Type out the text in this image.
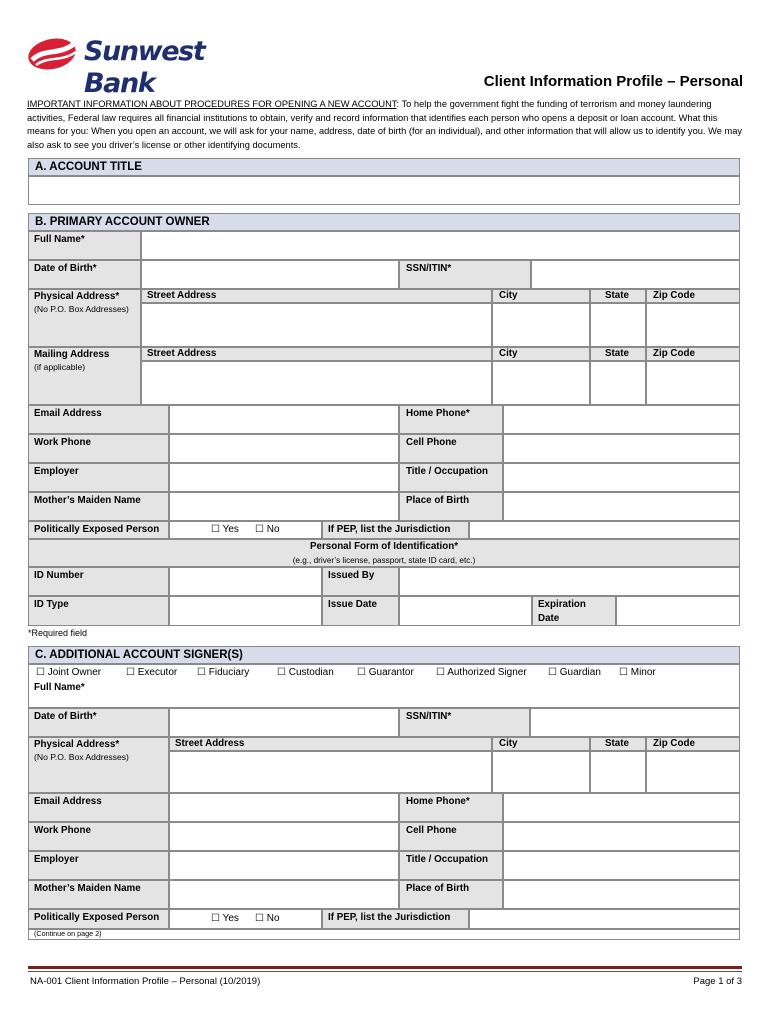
Sunwest Bank	Client Information Profile – Personal
IMPORTANT INFORMATION ABOUT PROCEDURES FOR OPENING A NEW ACCOUNT: To help the government fight the funding of terrorism and money laundering activities, Federal law requires all financial institutions to obtain, verify and record information that identifies each person who opens a deposit or loan account. What this means for you: When you open an account, we will ask for your name, address, date of birth (for an individual), and other information that will allow us to identify you. We may also ask to see you driver’s license or other identifying documents.
A. ACCOUNT TITLE
B. PRIMARY ACCOUNT OWNER
Full Name*
Date of Birth*	SSN/ITIN*
Physical Address*
(No P.O. Box Addresses)
Street Address	City	State Zip Code
Mailing Address
(if applicable)
Street Address	City	State Zip Code
Email Address	Home Phone*
Work Phone	Cell Phone
Employer	Title / Occupation
Mother’s Maiden Name	Place of Birth
Politically Exposed Person	☐ Yes ☐ No	If PEP, list the Jurisdiction
Personal Form of Identification*
(e.g., driver’s license, passport, state ID card, etc.)
ID Number	Issued By
ID Type	Issue Date	Expiration
Date
*Required field
C. ADDITIONAL ACCOUNT SIGNER(S)
☐ Joint Owner ☐ Executor ☐ Fiduciary	☐ Custodian ☐ Guarantor ☐ Authorized Signer ☐ Guardian ☐ Minor
Full Name*
Date of Birth*	SSN/ITIN*
Physical Address*
(No P.O. Box Addresses)
Street Address	City	State Zip Code
Email Address	Home Phone*
Work Phone	Cell Phone
Employer	Title / Occupation
Mother’s Maiden Name	Place of Birth
Politically Exposed Person	☐ Yes ☐ No	If PEP, list the Jurisdiction
(Continue on page 2)
NA-001 Client Information Profile – Personal (10/2019)	Page 1 of 3
